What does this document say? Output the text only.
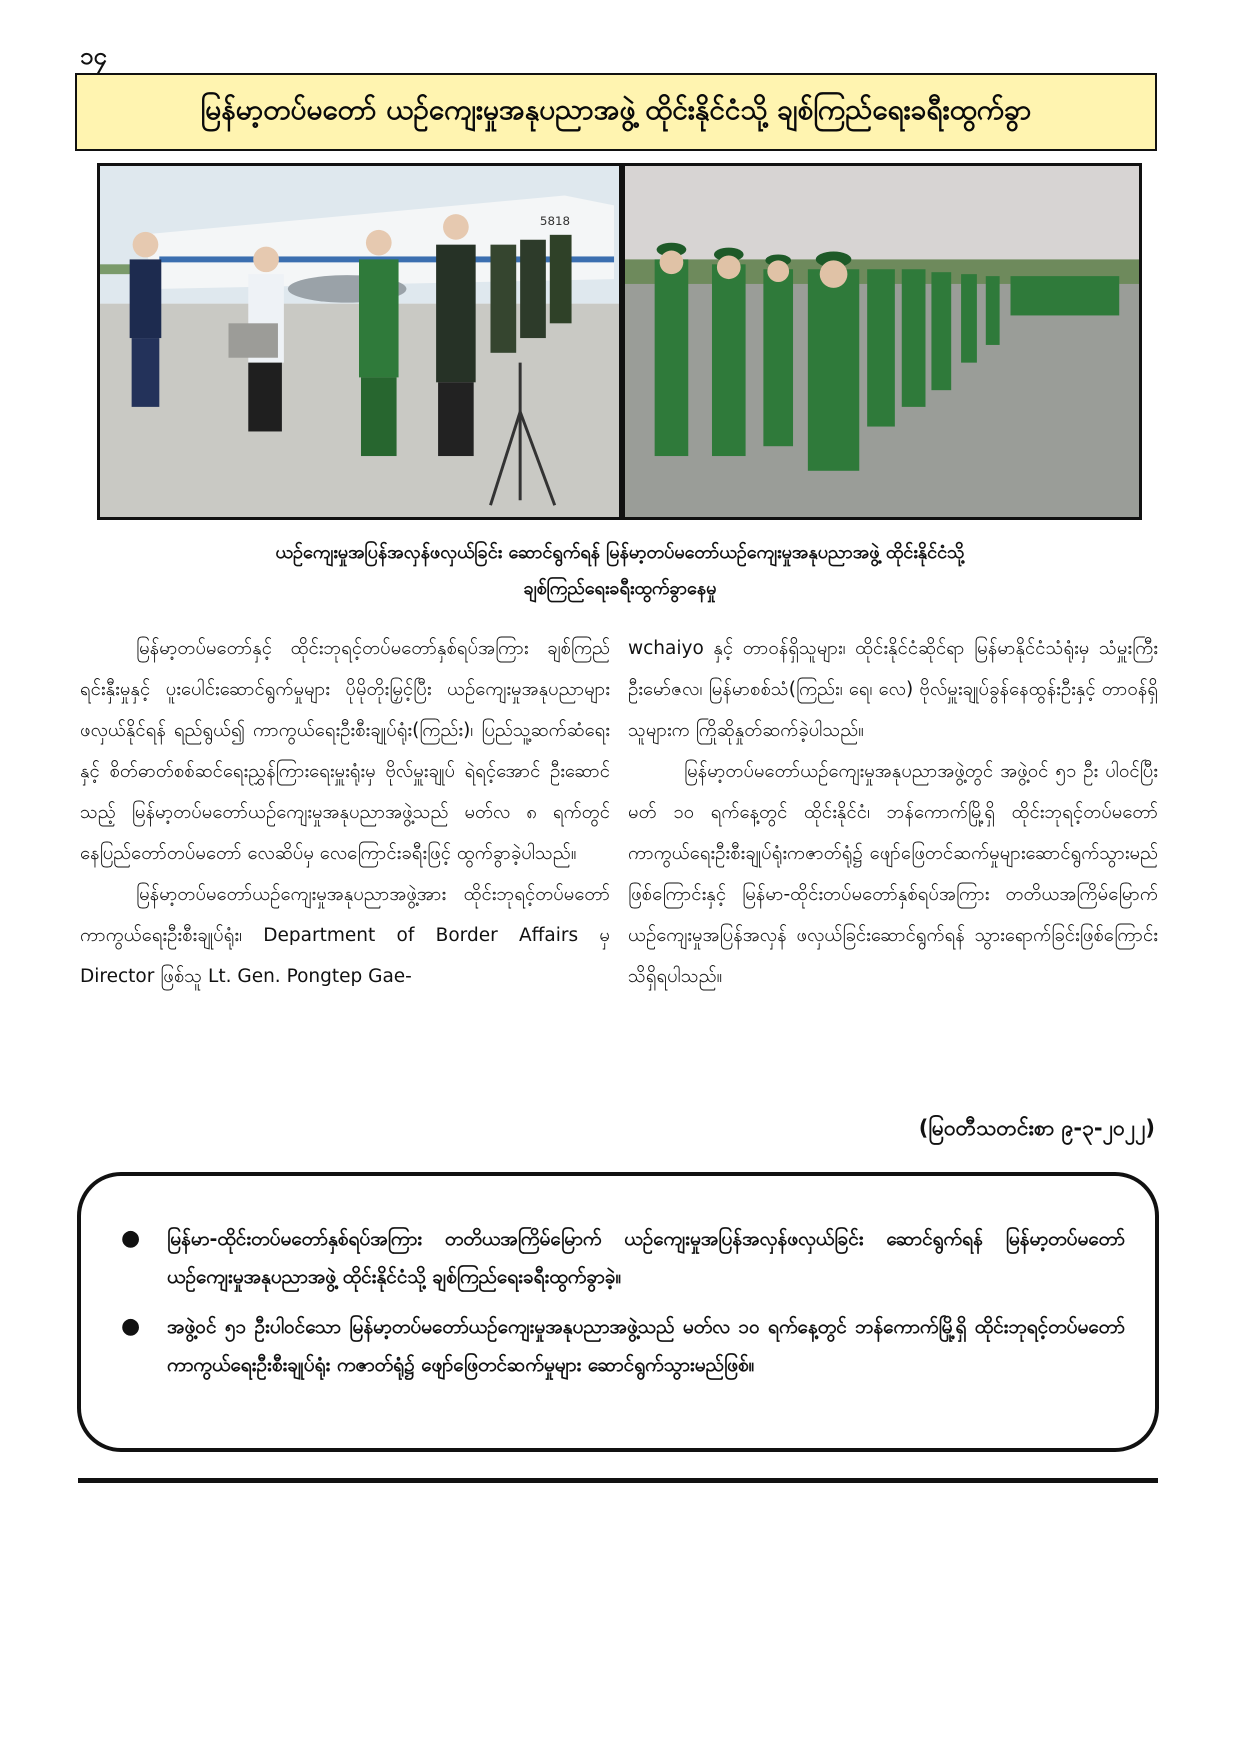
၁၄
မြန်မာ့တပ်မတော် ယဉ်ကျေးမှုအနုပညာအဖွဲ့ ထိုင်းနိုင်ငံသို့ ချစ်ကြည်ရေးခရီးထွက်ခွာ
5818
ယဉ်ကျေးမှုအပြန်အလှန်ဖလှယ်ခြင်း ဆောင်ရွက်ရန် မြန်မာ့တပ်မတော်ယဉ်ကျေးမှုအနုပညာအဖွဲ့ ထိုင်းနိုင်ငံသို့
ချစ်ကြည်ရေးခရီးထွက်ခွာနေမှု

မြန်မာ့တပ်မတော်နှင့် ထိုင်းဘုရင့်တပ်မတော်နှစ်ရပ်အကြား ချစ်ကြည်ရင်းနှီးမှုနှင့် ပူးပေါင်းဆောင်ရွက်မှုများ ပိုမိုတိုးမြှင့်ပြီး ယဉ်ကျေးမှုအနုပညာများ ဖလှယ်နိုင်ရန် ရည်ရွယ်၍ ကာကွယ်ရေးဦးစီးချုပ်ရုံး(ကြည်း)၊ ပြည်သူ့ဆက်ဆံရေးနှင့် စိတ်ဓာတ်စစ်ဆင်ရေးညွှန်ကြားရေးမှူးရုံးမှ ဗိုလ်မှူးချုပ် ရဲရင့်အောင် ဦးဆောင်သည့် မြန်မာ့တပ်မတော်ယဉ်ကျေးမှုအနုပညာအဖွဲ့သည် မတ်လ ၈ ရက်တွင် နေပြည်တော်တပ်မတော် လေဆိပ်မှ လေကြောင်းခရီးဖြင့် ထွက်ခွာခဲ့ပါသည်။

မြန်မာ့တပ်မတော်ယဉ်ကျေးမှုအနုပညာအဖွဲ့အား ထိုင်းဘုရင့်တပ်မတော်ကာကွယ်ရေးဦးစီးချုပ်ရုံး၊ Department of Border Affairs မှ Director ဖြစ်သူ Lt. Gen. Pongtep Gae-

wchaiyo နှင့် တာဝန်ရှိသူများ၊ ထိုင်းနိုင်ငံဆိုင်ရာ မြန်မာနိုင်ငံသံရုံးမှ သံမှူးကြီး ဦးမော်ဇလ၊ မြန်မာစစ်သံ(ကြည်း၊ ရေ၊ လေ) ဗိုလ်မှူးချုပ်ခွန်နေထွန်းဦးနှင့် တာဝန်ရှိသူများက ကြိုဆိုနှုတ်ဆက်ခဲ့ပါသည်။

မြန်မာ့တပ်မတော်ယဉ်ကျေးမှုအနုပညာအဖွဲ့တွင် အဖွဲ့ဝင် ၅၁ ဦး ပါဝင်ပြီး မတ် ၁၀ ရက်နေ့တွင် ထိုင်းနိုင်ငံ၊ ဘန်ကောက်မြို့ရှိ ထိုင်းဘုရင့်တပ်မတော်ကာကွယ်ရေးဦးစီးချုပ်ရုံးကဇာတ်ရုံ၌ ဖျော်ဖြေတင်ဆက်မှုများဆောင်ရွက်သွားမည်ဖြစ်ကြောင်းနှင့် မြန်မာ-ထိုင်းတပ်မတော်နှစ်ရပ်အကြား တတိယအကြိမ်မြောက် ယဉ်ကျေးမှုအပြန်အလှန် ဖလှယ်ခြင်းဆောင်ရွက်ရန် သွားရောက်ခြင်းဖြစ်ကြောင်း သိရှိရပါသည်။

(မြဝတီသတင်းစာ ၉-၃-၂၀၂၂)
● မြန်မာ-ထိုင်းတပ်မတော်နှစ်ရပ်အကြား တတိယအကြိမ်မြောက် ယဉ်ကျေးမှုအပြန်အလှန်ဖလှယ်ခြင်း ဆောင်ရွက်ရန် မြန်မာ့တပ်မတော်ယဉ်ကျေးမှုအနုပညာအဖွဲ့ ထိုင်းနိုင်ငံသို့ ချစ်ကြည်ရေးခရီးထွက်ခွာခဲ့။
● အဖွဲ့ဝင် ၅၁ ဦးပါဝင်သော မြန်မာ့တပ်မတော်ယဉ်ကျေးမှုအနုပညာအဖွဲ့သည် မတ်လ ၁၀ ရက်နေ့တွင် ဘန်ကောက်မြို့ရှိ ထိုင်းဘုရင့်တပ်မတော်ကာကွယ်ရေးဦးစီးချုပ်ရုံး ကဇာတ်ရုံ၌ ဖျော်ဖြေတင်ဆက်မှုများ ဆောင်ရွက်သွားမည်ဖြစ်။
